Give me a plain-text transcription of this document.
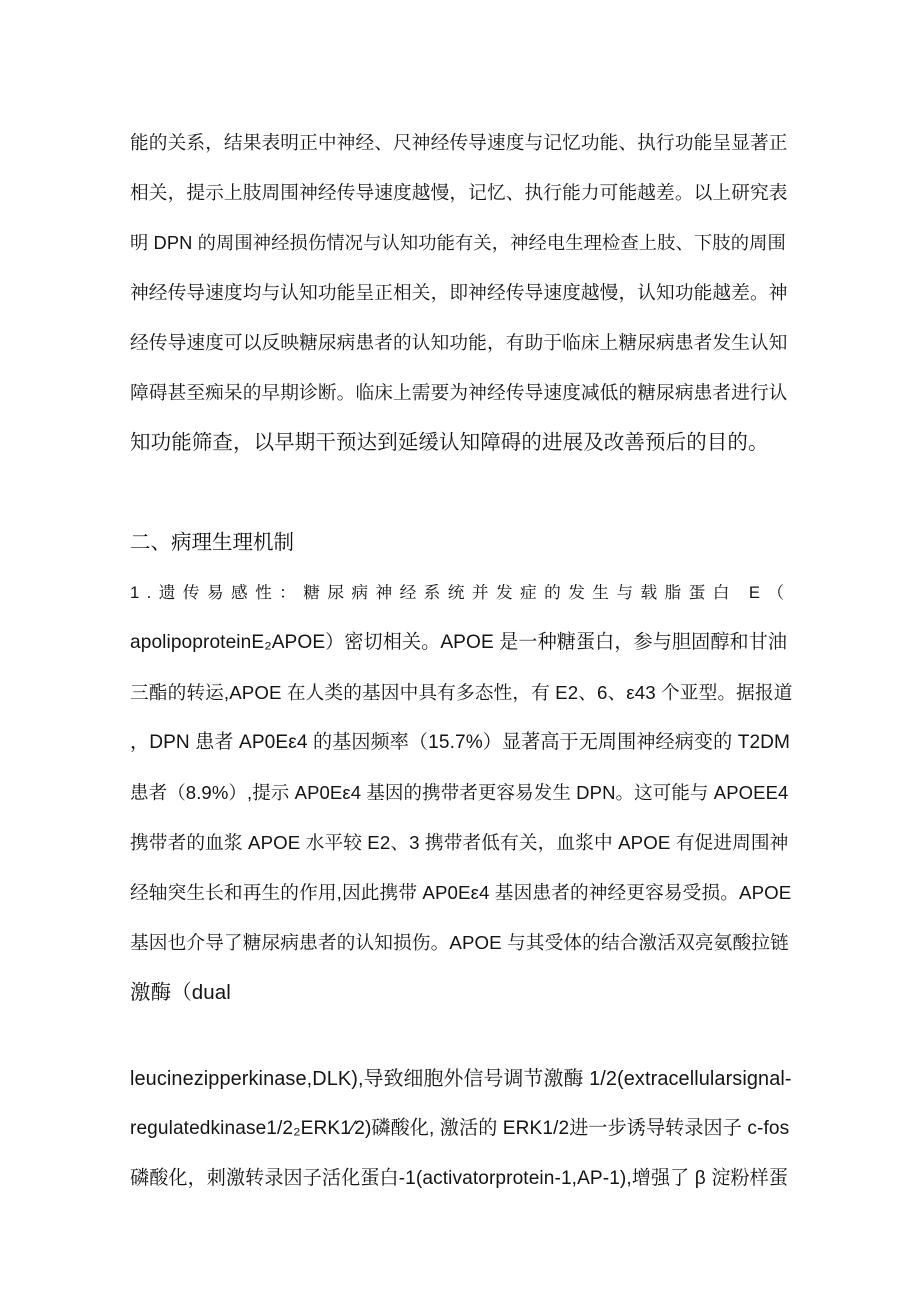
能的关系，结果表明正中神经、尺神经传导速度与记忆功能、执行功能呈显著正
相关，提示上肢周围神经传导速度越慢，记忆、执行能力可能越差。以上研究表
明 DPN 的周围神经损伤情况与认知功能有关，神经电生理检查上肢、下肢的周围
神经传导速度均与认知功能呈正相关，即神经传导速度越慢，认知功能越差。神
经传导速度可以反映糖尿病患者的认知功能，有助于临床上糖尿病患者发生认知
障碍甚至痴呆的早期诊断。临床上需要为神经传导速度减低的糖尿病患者进行认
知功能筛查，以早期干预达到延缓认知障碍的进展及改善预后的目的。
二、病理生理机制
1.遗传易感性：糖尿病神经系统并发症的发生与载脂蛋白 E（
apolipoproteinE₂APOE）密切相关。APOE 是一种糖蛋白，参与胆固醇和甘油
三酯的转运,APOE 在人类的基因中具有多态性，有 E2、6、ε43 个亚型。据报道
，DPN 患者 AP0Eε4 的基因频率（15.7%）显著高于无周围神经病变的 T2DM
患者（8.9%）,提示 AP0Eε4 基因的携带者更容易发生 DPN。这可能与 APOEE4
携带者的血浆 APOE 水平较 E2、3 携带者低有关，血浆中 APOE 有促进周围神
经轴突生长和再生的作用,因此携带 AP0Eε4 基因患者的神经更容易受损。APOE
基因也介导了糖尿病患者的认知损伤。APOE 与其受体的结合激活双亮氨酸拉链
激酶（dual
leucinezipperkinase,DLK),导致细胞外信号调节激酶 1/2(extracellularsignal-
regulatedkinase1/2₂ERK1⁄2)磷酸化, 激活的 ERK1/2进一步诱导转录因子 c-fos
磷酸化，刺激转录因子活化蛋白-1(activatorprotein-1,AP-1),增强了 β 淀粉样蛋
